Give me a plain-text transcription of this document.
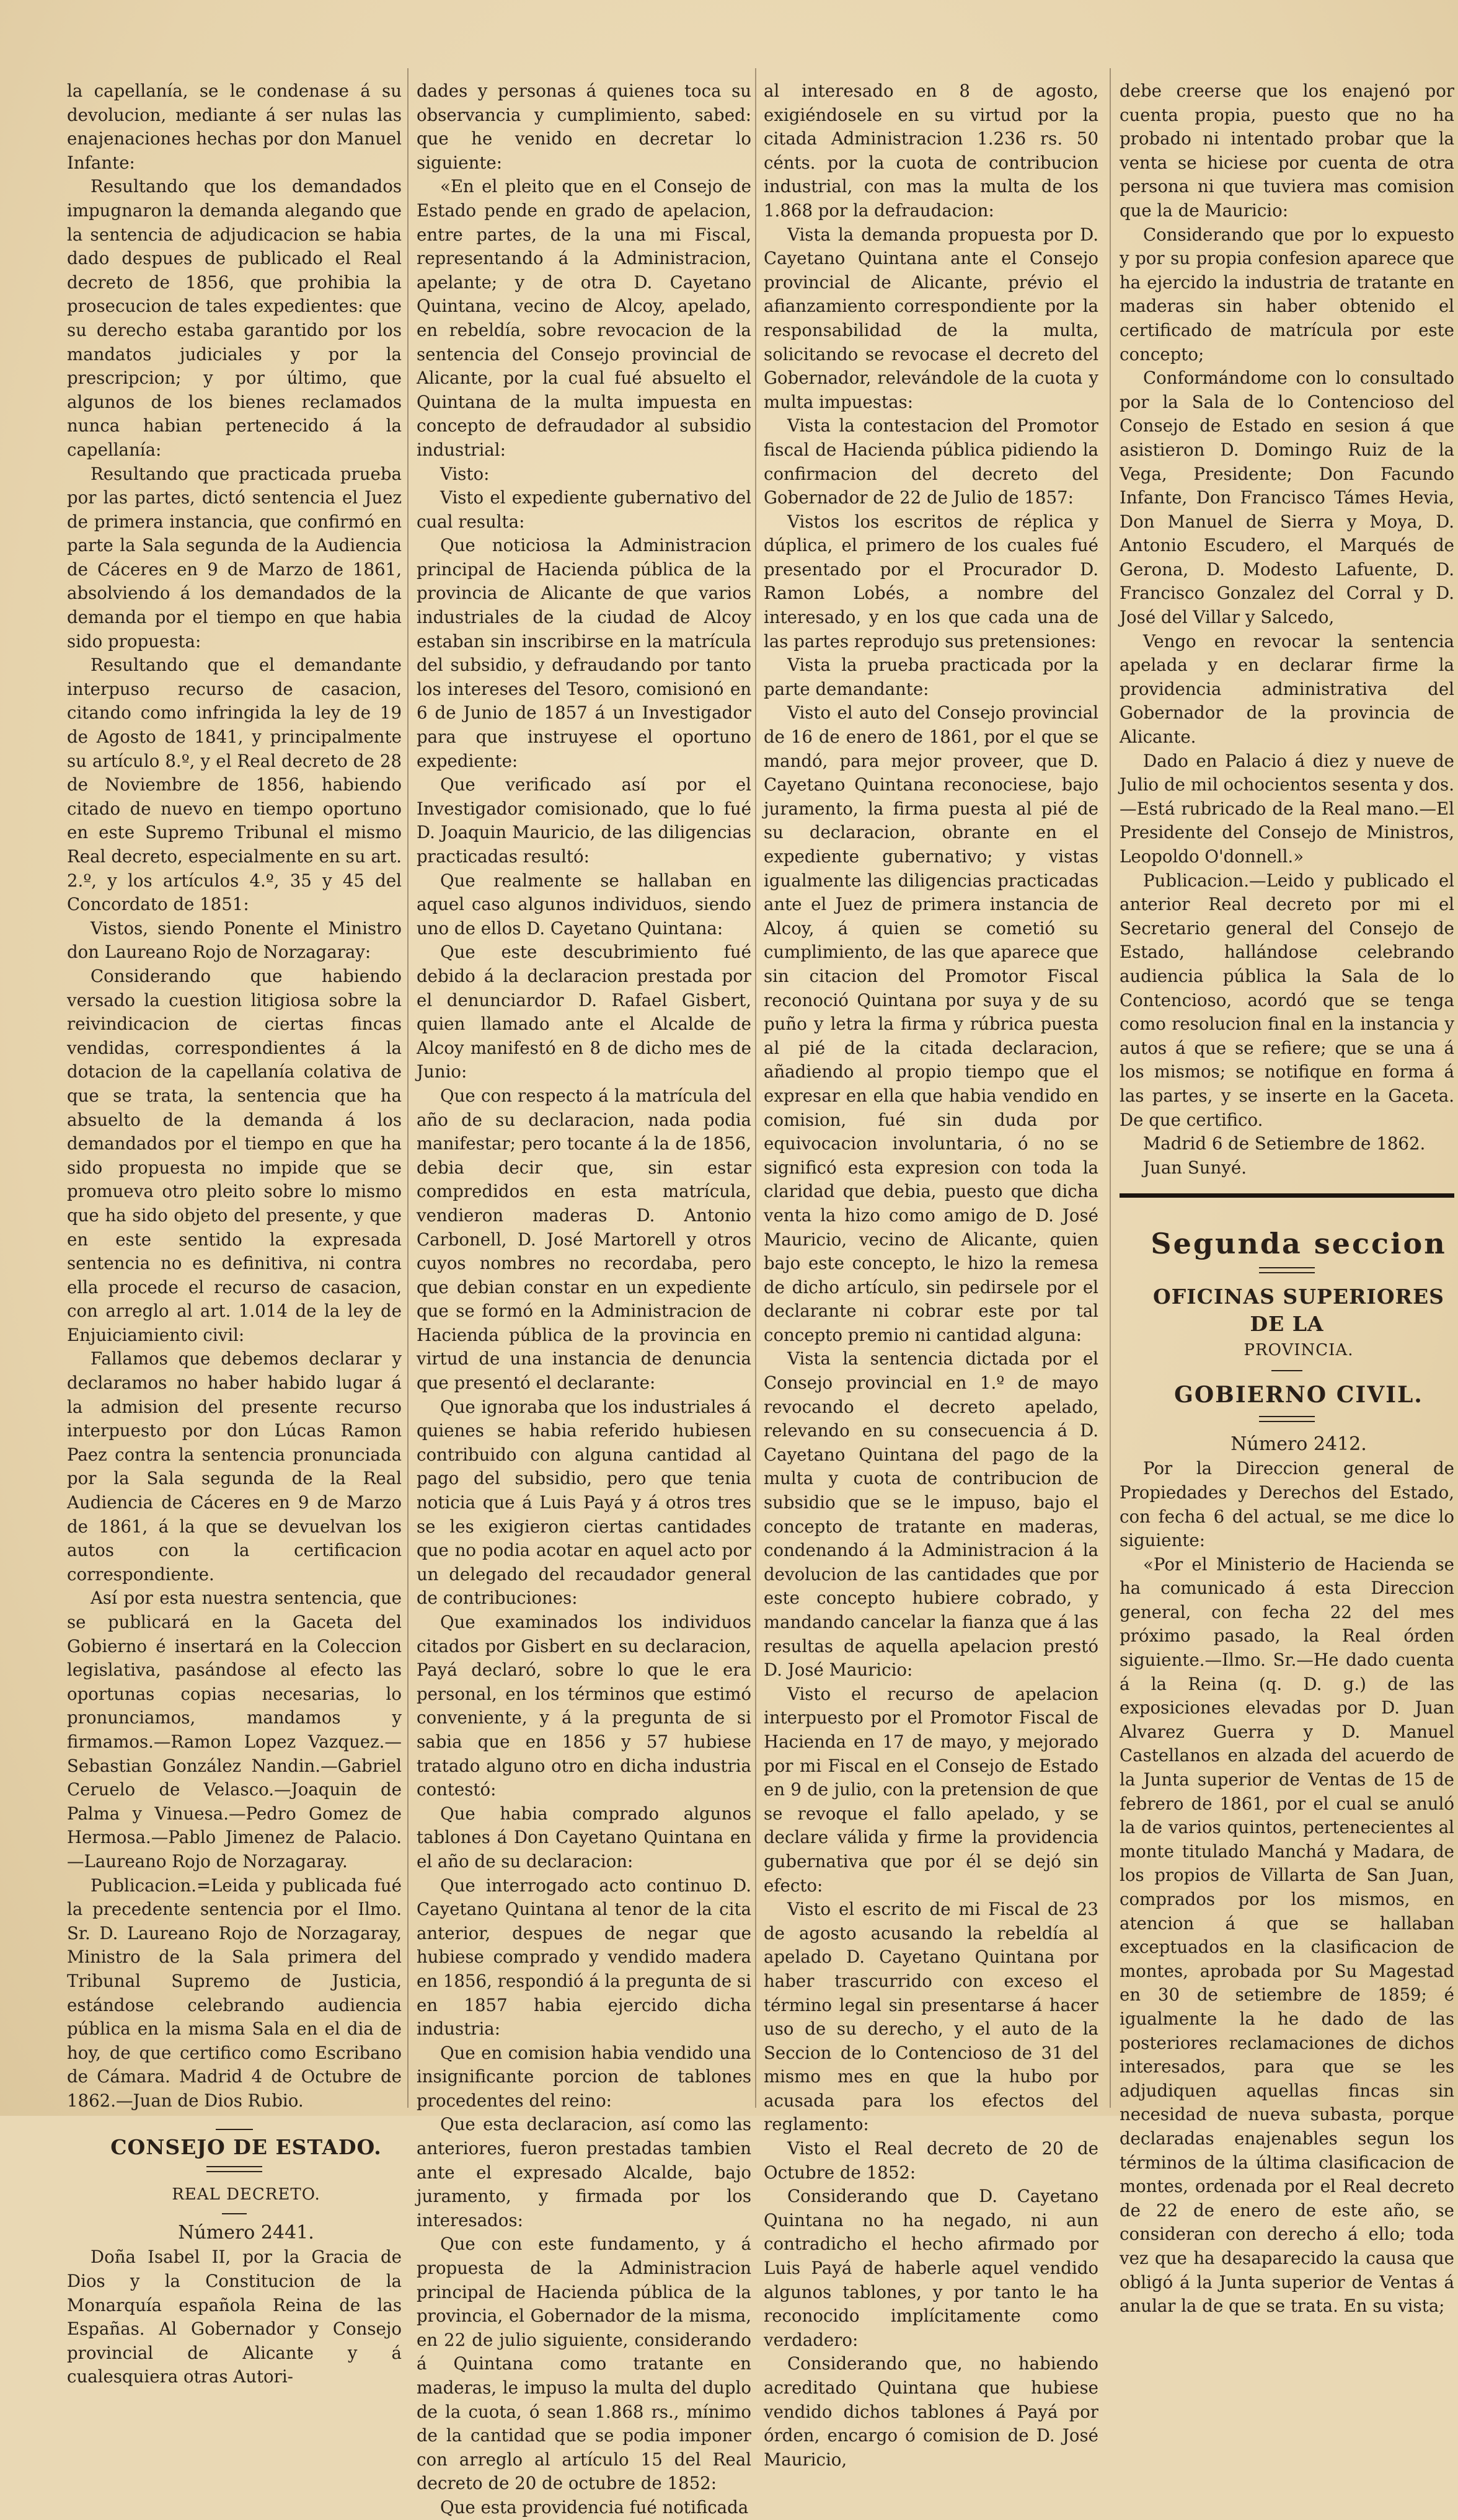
la capellanía, se le condenase á su devolucion, mediante á ser nulas las enajenaciones hechas por don Manuel Infante:

Resultando que los demandados impugnaron la demanda alegando que la sentencia de adjudicacion se habia dado despues de publicado el Real decreto de 1856, que prohibia la prosecucion de tales expedientes: que su derecho estaba garantido por los mandatos judiciales y por la prescripcion; y por último, que algunos de los bienes reclamados nunca habian pertenecido á la capellanía:

Resultando que practicada prueba por las partes, dictó sentencia el Juez de primera instancia, que confirmó en parte la Sala segunda de la Audiencia de Cáceres en 9 de Marzo de 1861, absolviendo á los demandados de la demanda por el tiempo en que habia sido propuesta:

Resultando que el demandante interpuso recurso de casacion, citando como infringida la ley de 19 de Agosto de 1841, y principalmente su artículo 8.º, y el Real decreto de 28 de Noviembre de 1856, habiendo citado de nuevo en tiempo oportuno en este Supremo Tribunal el mismo Real decreto, especialmente en su art. 2.º, y los artículos 4.º, 35 y 45 del Concordato de 1851:

Vistos, siendo Ponente el Ministro don Laureano Rojo de Norzagaray:

Considerando que habiendo versado la cuestion litigiosa sobre la reivindicacion de ciertas fincas vendidas, correspondientes á la dotacion de la capellanía colativa de que se trata, la sentencia que ha absuelto de la demanda á los demandados por el tiempo en que ha sido propuesta no impide que se promueva otro pleito sobre lo mismo que ha sido objeto del presente, y que en este sentido la expresada sentencia no es definitiva, ni contra ella procede el recurso de casacion, con arreglo al art. 1.014 de la ley de Enjuiciamiento civil:

Fallamos que debemos declarar y declaramos no haber habido lugar á la admision del presente recurso interpuesto por don Lúcas Ramon Paez contra la sentencia pronunciada por la Sala segunda de la Real Audiencia de Cáceres en 9 de Marzo de 1861, á la que se devuelvan los autos con la certificacion correspondiente.

Así por esta nuestra sentencia, que se publicará en la Gaceta del Gobierno é insertará en la Coleccion legislativa, pasándose al efecto las oportunas copias necesarias, lo pronunciamos, mandamos y firmamos.—Ramon Lopez Vazquez.—Sebastian González Nandin.—Gabriel Ceruelo de Velasco.—Joaquin de Palma y Vinuesa.—Pedro Gomez de Hermosa.—Pablo Jimenez de Palacio.—Laureano Rojo de Norzagaray.

Publicacion.=Leida y publicada fué la precedente sentencia por el Ilmo. Sr. D. Laureano Rojo de Norzagaray, Ministro de la Sala primera del Tribunal Supremo de Justicia, estándose celebrando audiencia pública en la misma Sala en el dia de hoy, de que certifico como Escribano de Cámara. Madrid 4 de Octubre de 1862.—Juan de Dios Rubio.

CONSEJO DE ESTADO.

REAL DECRETO.

Número 2441.

Doña Isabel II, por la Gracia de Dios y la Constitucion de la Monarquía española Reina de las Españas. Al Gobernador y Consejo provincial de Alicante y á cualesquiera otras Autori-

dades y personas á quienes toca su observancia y cumplimiento, sabed: que he venido en decretar lo siguiente:

«En el pleito que en el Consejo de Estado pende en grado de apelacion, entre partes, de la una mi Fiscal, representando á la Administracion, apelante; y de otra D. Cayetano Quintana, vecino de Alcoy, apelado, en rebeldía, sobre revocacion de la sentencia del Consejo provincial de Alicante, por la cual fué absuelto el Quintana de la multa impuesta en concepto de defraudador al subsidio industrial:

Visto:

Visto el expediente gubernativo del cual resulta:

Que noticiosa la Administracion principal de Hacienda pública de la provincia de Alicante de que varios industriales de la ciudad de Alcoy estaban sin inscribirse en la matrícula del subsidio, y defraudando por tanto los intereses del Tesoro, comisionó en 6 de Junio de 1857 á un Investigador para que instruyese el oportuno expediente:

Que verificado así por el Investigador comisionado, que lo fué D. Joaquin Mauricio, de las diligencias practicadas resultó:

Que realmente se hallaban en aquel caso algunos individuos, siendo uno de ellos D. Cayetano Quintana:

Que este descubrimiento fué debido á la declaracion prestada por el denunciardor D. Rafael Gisbert, quien llamado ante el Alcalde de Alcoy manifestó en 8 de dicho mes de Junio:

Que con respecto á la matrícula del año de su declaracion, nada podia manifestar; pero tocante á la de 1856, debia decir que, sin estar compredidos en esta matrícula, vendieron maderas D. Antonio Carbonell, D. José Martorell y otros cuyos nombres no recordaba, pero que debian constar en un expediente que se formó en la Administracion de Hacienda pública de la provincia en virtud de una instancia de denuncia que presentó el declarante:

Que ignoraba que los industriales á quienes se habia referido hubiesen contribuido con alguna cantidad al pago del subsidio, pero que tenia noticia que á Luis Payá y á otros tres se les exigieron ciertas cantidades que no podia acotar en aquel acto por un delegado del recaudador general de contribuciones:

Que examinados los individuos citados por Gisbert en su declaracion, Payá declaró, sobre lo que le era personal, en los términos que estimó conveniente, y á la pregunta de si sabia que en 1856 y 57 hubiese tratado alguno otro en dicha industria contestó:

Que habia comprado algunos tablones á Don Cayetano Quintana en el año de su declaracion:

Que interrogado acto continuo D. Cayetano Quintana al tenor de la cita anterior, despues de negar que hubiese comprado y vendido madera en 1856, respondió á la pregunta de si en 1857 habia ejercido dicha industria:

Que en comision habia vendido una insignificante porcion de tablones procedentes del reino:

Que esta declaracion, así como las anteriores, fueron prestadas tambien ante el expresado Alcalde, bajo juramento, y firmada por los interesados:

Que con este fundamento, y á propuesta de la Administracion principal de Hacienda pública de la provincia, el Gobernador de la misma, en 22 de julio siguiente, considerando á Quintana como tratante en maderas, le impuso la multa del duplo de la cuota, ó sean 1.868 rs., mínimo de la cantidad que se podia imponer con arreglo al artículo 15 del Real decreto de 20 de octubre de 1852:

Que esta providencia fué notificada

al interesado en 8 de agosto, exigiéndosele en su virtud por la citada Administracion 1.236 rs. 50 cénts. por la cuota de contribucion industrial, con mas la multa de los 1.868 por la defraudacion:

Vista la demanda propuesta por D. Cayetano Quintana ante el Consejo provincial de Alicante, prévio el afianzamiento correspondiente por la responsabilidad de la multa, solicitando se revocase el decreto del Gobernador, relevándole de la cuota y multa impuestas:

Vista la contestacion del Promotor fiscal de Hacienda pública pidiendo la confirmacion del decreto del Gobernador de 22 de Julio de 1857:

Vistos los escritos de réplica y dúplica, el primero de los cuales fué presentado por el Procurador D. Ramon Lobés, a nombre del interesado, y en los que cada una de las partes reprodujo sus pretensiones:

Vista la prueba practicada por la parte demandante:

Visto el auto del Consejo provincial de 16 de enero de 1861, por el que se mandó, para mejor proveer, que D. Cayetano Quintana reconociese, bajo juramento, la firma puesta al pié de su declaracion, obrante en el expediente gubernativo; y vistas igualmente las diligencias practicadas ante el Juez de primera instancia de Alcoy, á quien se cometió su cumplimiento, de las que aparece que sin citacion del Promotor Fiscal reconoció Quintana por suya y de su puño y letra la firma y rúbrica puesta al pié de la citada declaracion, añadiendo al propio tiempo que el expresar en ella que habia vendido en comision, fué sin duda por equivocacion involuntaria, ó no se significó esta expresion con toda la claridad que debia, puesto que dicha venta la hizo como amigo de D. José Mauricio, vecino de Alicante, quien bajo este concepto, le hizo la remesa de dicho artículo, sin pedirsele por el declarante ni cobrar este por tal concepto premio ni cantidad alguna:

Vista la sentencia dictada por el Consejo provincial en 1.º de mayo revocando el decreto apelado, relevando en su consecuencia á D. Cayetano Quintana del pago de la multa y cuota de contribucion de subsidio que se le impuso, bajo el concepto de tratante en maderas, condenando á la Administracion á la devolucion de las cantidades que por este concepto hubiere cobrado, y mandando cancelar la fianza que á las resultas de aquella apelacion prestó D. José Mauricio:

Visto el recurso de apelacion interpuesto por el Promotor Fiscal de Hacienda en 17 de mayo, y mejorado por mi Fiscal en el Consejo de Estado en 9 de julio, con la pretension de que se revoque el fallo apelado, y se declare válida y firme la providencia gubernativa que por él se dejó sin efecto:

Visto el escrito de mi Fiscal de 23 de agosto acusando la rebeldía al apelado D. Cayetano Quintana por haber trascurrido con exceso el término legal sin presentarse á hacer uso de su derecho, y el auto de la Seccion de lo Contencioso de 31 del mismo mes en que la hubo por acusada para los efectos del reglamento:

Visto el Real decreto de 20 de Octubre de 1852:

Considerando que D. Cayetano Quintana no ha negado, ni aun contradicho el hecho afirmado por Luis Payá de haberle aquel vendido algunos tablones, y por tanto le ha reconocido implícitamente como verdadero:

Considerando que, no habiendo acreditado Quintana que hubiese vendido dichos tablones á Payá por órden, encargo ó comision de D. José Mauricio,

debe creerse que los enajenó por cuenta propia, puesto que no ha probado ni intentado probar que la venta se hiciese por cuenta de otra persona ni que tuviera mas comision que la de Mauricio:

Considerando que por lo expuesto y por su propia confesion aparece que ha ejercido la industria de tratante en maderas sin haber obtenido el certificado de matrícula por este concepto;

Conformándome con lo consultado por la Sala de lo Contencioso del Consejo de Estado en sesion á que asistieron D. Domingo Ruiz de la Vega, Presidente; Don Facundo Infante, Don Francisco Támes Hevia, Don Manuel de Sierra y Moya, D. Antonio Escudero, el Marqués de Gerona, D. Modesto Lafuente, D. Francisco Gonzalez del Corral y D. José del Villar y Salcedo,

Vengo en revocar la sentencia apelada y en declarar firme la providencia administrativa del Gobernador de la provincia de Alicante.

Dado en Palacio á diez y nueve de Julio de mil ochocientos sesenta y dos.—Está rubricado de la Real mano.—El Presidente del Consejo de Ministros, Leopoldo O'donnell.»

Publicacion.—Leido y publicado el anterior Real decreto por mi el Secretario general del Consejo de Estado, hallándose celebrando audiencia pública la Sala de lo Contencioso, acordó que se tenga como resolucion final en la instancia y autos á que se refiere; que se una á los mismos; se notifique en forma á las partes, y se inserte en la Gaceta. De que certifico.

Madrid 6 de Setiembre de 1862.

Juan Sunyé.

Segunda seccion

OFICINAS SUPERIORES DE LA

PROVINCIA.

GOBIERNO CIVIL.

Número 2412.

Por la Direccion general de Propiedades y Derechos del Estado, con fecha 6 del actual, se me dice lo siguiente:

«Por el Ministerio de Hacienda se ha comunicado á esta Direccion general, con fecha 22 del mes próximo pasado, la Real órden siguiente.—Ilmo. Sr.—He dado cuenta á la Reina (q. D. g.) de las exposiciones elevadas por D. Juan Alvarez Guerra y D. Manuel Castellanos en alzada del acuerdo de la Junta superior de Ventas de 15 de febrero de 1861, por el cual se anuló la de varios quintos, pertenecientes al monte titulado Manchá y Madara, de los propios de Villarta de San Juan, comprados por los mismos, en atencion á que se hallaban exceptuados en la clasificacion de montes, aprobada por Su Magestad en 30 de setiembre de 1859; é igualmente la he dado de las posteriores reclamaciones de dichos interesados, para que se les adjudiquen aquellas fincas sin necesidad de nueva subasta, porque declaradas enajenables segun los términos de la última clasificacion de montes, ordenada por el Real decreto de 22 de enero de este año, se consideran con derecho á ello; toda vez que ha desaparecido la causa que obligó á la Junta superior de Ventas á anular la de que se trata. En su vista;
